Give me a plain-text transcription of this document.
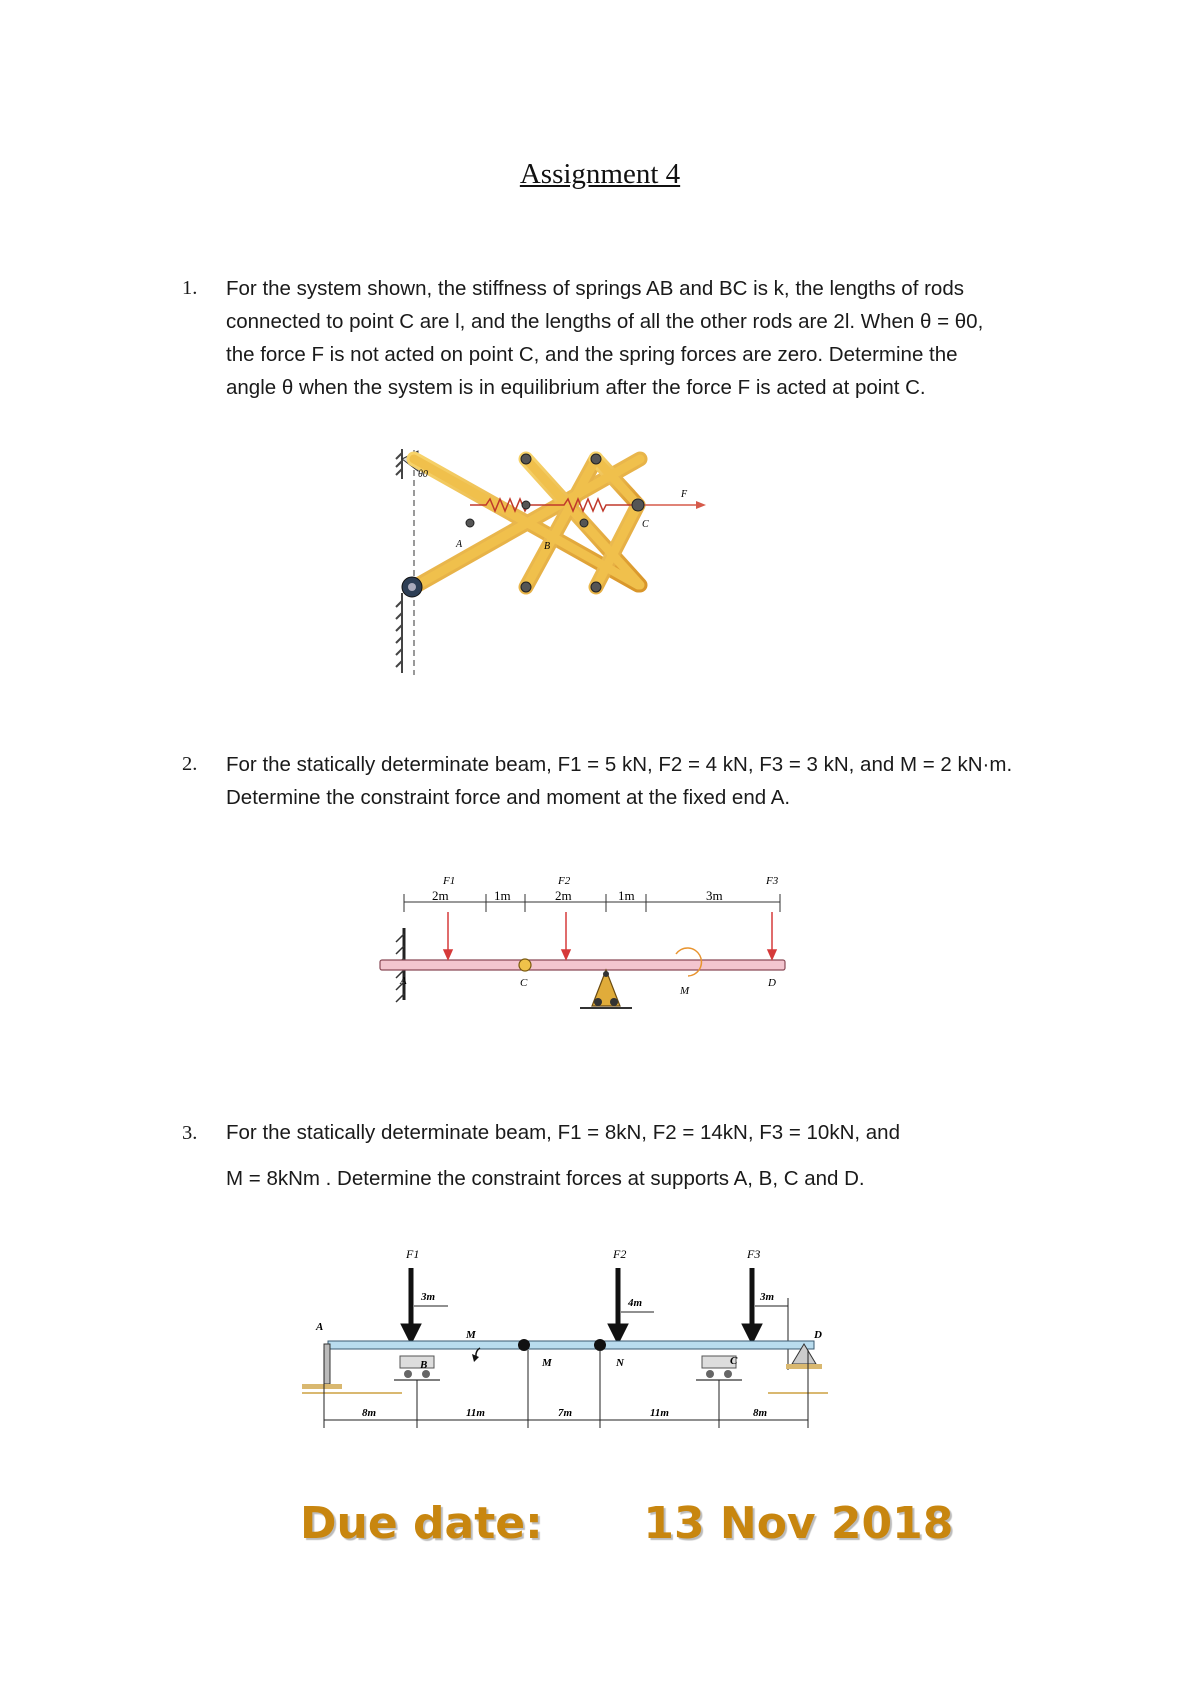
Assignment 4
1. For the system shown, the stiffness of springs AB and BC is k, the lengths of rods
connected to point C are l, and the lengths of all the other rods are 2l. When θ = θ0,
the force F is not acted on point C, and the spring forces are zero. Determine the
angle θ when the system is in equilibrium after the force F is acted at point C.
θ0
A	B
C
F
2. For the statically determinate beam, F1 = 5 kN, F2 = 4 kN, F3 = 3 kN, and M = 2 kN·m.
Determine the constraint force and moment at the fixed end A.
2m	1m	2m	1m	3m
F1	F2	F3
A	C
M
D
3. For the statically determinate beam, F1 = 8kN, F2 = 14kN, F3 = 10kN, and
M = 8kNm . Determine the constraint forces at supports A, B, C and D.
F1	F2	F3
3m	4m	3m
8m	11m	7m	11m	8m
A
B	C
D
M
M	N
Due date: 13 Nov 2018
